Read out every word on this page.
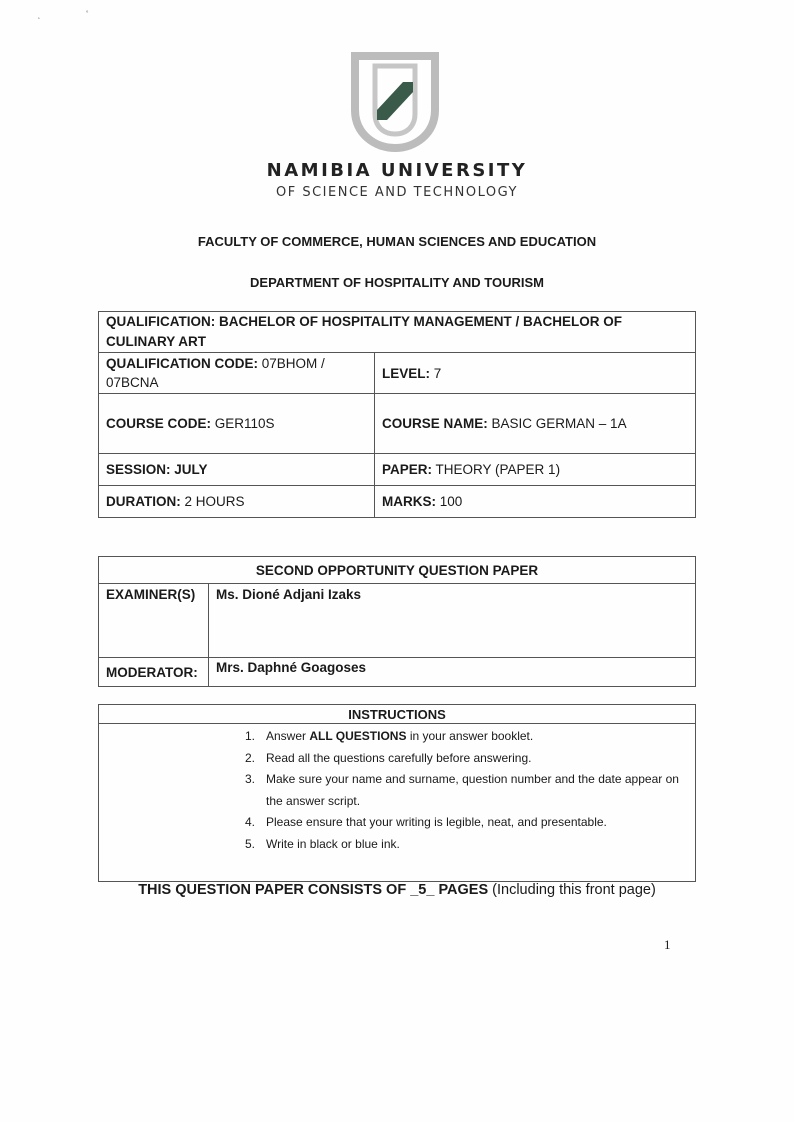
˛	˚
NAMIBIA UNIVERSITY
OF SCIENCE AND TECHNOLOGY
FACULTY OF COMMERCE, HUMAN SCIENCES AND EDUCATION
DEPARTMENT OF HOSPITALITY AND TOURISM
QUALIFICATION: BACHELOR OF HOSPITALITY MANAGEMENT / BACHELOR OF CULINARY ART	
QUALIFICATION CODE: 07BHOM / 07BCNA	LEVEL: 7
COURSE CODE: GER110S	COURSE NAME: BASIC GERMAN – 1A
SESSION: JULY	PAPER: THEORY (PAPER 1)
DURATION: 2 HOURS	MARKS: 100
SECOND OPPORTUNITY QUESTION PAPER	
EXAMINER(S)	Ms. Dioné Adjani Izaks
MODERATOR:	Mrs. Daphné Goagoses
INSTRUCTIONS

1. Answer ALL QUESTIONS in your answer booklet.
2. Read all the questions carefully before answering.
3. Make sure your name and surname, question number and the date appear on the answer script.
4. Please ensure that your writing is legible, neat, and presentable.
5. Write in black or blue ink.
THIS QUESTION PAPER CONSISTS OF _5_ PAGES (Including this front page)
1
